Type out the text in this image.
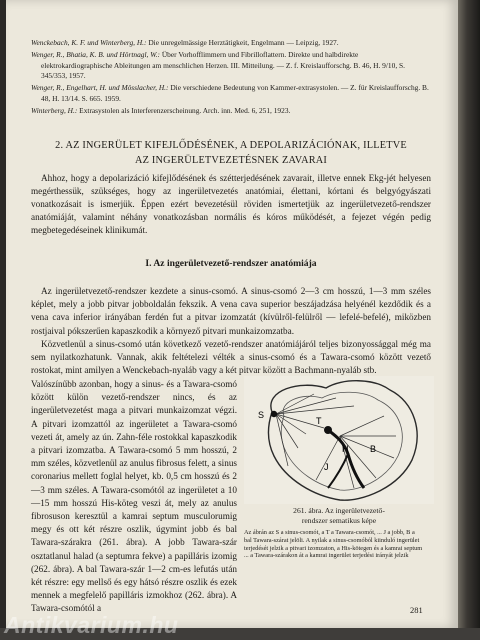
Wenckebach, K. F. und Winterberg, H.: Die unregelmässige Herztätigkeit, Engelmann — Leipzig, 1927.
Wenger, R., Bhatia, K. B. und Hörtnagl, W.: Über Vorhofflimmern und Fibrilloflattern. Direkte und halbdirekte elektrokardiographische Ableitungen am menschlichen Herzen. III. Mitteilung. — Z. f. Kreislaufforschg. B. 46, H. 9/10, S. 345/353, 1957.
Wenger, R., Engelhart, H. und Mösslacher, H.: Die verschiedene Bedeutung von Kammer-extrasystolen. — Z. für Kreislaufforschg. B. 48, H. 13/14. S. 665. 1959.
Winterberg, H.: Extrasystolen als Interferenzerscheinung. Arch. inn. Med. 6, 251, 1923.
2. AZ INGERÜLET KIFEJLŐDÉSÉNEK, A DEPOLARIZÁCIÓNAK, ILLETVE
AZ INGERÜLETVEZETÉSNEK ZAVARAI
Ahhoz, hogy a depolarizáció kifejlődésének és szétterjedésének zavarait, illetve ennek Ekg-jét helyesen megérthessük, szükséges, hogy az ingerületvezetés anatómiai, élettani, kórtani és belgyógyászati vonatkozásait is ismerjük. Éppen ezért bevezetésül röviden ismertetjük az ingerületvezető-rendszer anatómiáját, valamint néhány vonatkozásban normális és kóros működését, a fejezet végén pedig megbetegedéseinek klinikumát.
I. Az ingerületvezető-rendszer anatómiája

Az ingerületvezető-rendszer kezdete a sinus-csomó. A sinus-csomó 2—3 cm hosszú, 1—3 mm széles képlet, mely a jobb pitvar jobboldalán fekszik. A vena cava superior beszájadzása helyénél kezdődik és a vena cava inferior irányában ferdén fut a pitvar izomzatát (kívülről-felülről — lefelé-befelé), miközben rostjaival pókszerűen kapaszkodik a környező pitvari munkaizomzatba.

Közvetlenül a sinus-csomó után következő vezető-rendszer anatómiájáról teljes bizonyossággal még ma sem nyilatkozhatunk. Vannak, akik feltételezi vélték a sinus-csomó és a Tawara-csomó között vezető rostokat, mint amilyen a Wenckebach-nyaláb vagy a két pitvar között a Bachmann-nyaláb stb.

Valószínűbb azonban, hogy a sinus- és a Tawara-csomó között külön vezető-rendszer nincs, és az ingerületvezetést maga a pitvari munkaizomzat végzi. A pitvari izomzattól az ingerületet a Tawara-csomó vezeti át, amely az ún. Zahn-féle rostokkal kapaszkodik a pitvari izomzatba. A Tawara-csomó 5 mm hosszú, 2 mm széles, közvetlenül az anulus fibrosus felett, a sinus coronarius mellett foglal helyet, kb. 0,5 cm hosszú és 2—3 mm széles. A Tawara-csomótól az ingerületet a 10—15 mm hosszú His-köteg veszi át, mely az anulus fibrosuson keresztül a kamrai septum musculorumig megy és ott két részre oszlik, úgymint jobb és bal Tawara-szárakra (261. ábra). A jobb Tawara-szár osztatlanul halad (a septumra fekve) a papilláris izomig (262. ábra). A bal Tawara-szár 1—2 cm-es lefutás után két részre: egy mellső és egy hátsó részre oszlik és ezek mennek a megfelelő papilláris izmokhoz (262. ábra). A Tawara-csomótól a
S
T
H B
J
261. ábra. Az ingerületvezető-
rendszer sematikus képe
Az ábrán az S a sinus-csomót, a T a Tawara-csomót, ... J a jobb, B a bal Tawara-szárat jelöli. A nyilak a sinus-csomóból kiinduló ingerület terjedését jelzik a pitvari izomzaton, a His-kötegen és a kamrai septum ... a Tawara-szárakon át a kamrai ingerület terjedési irányát jelzik
281
Antikvarium.hu
